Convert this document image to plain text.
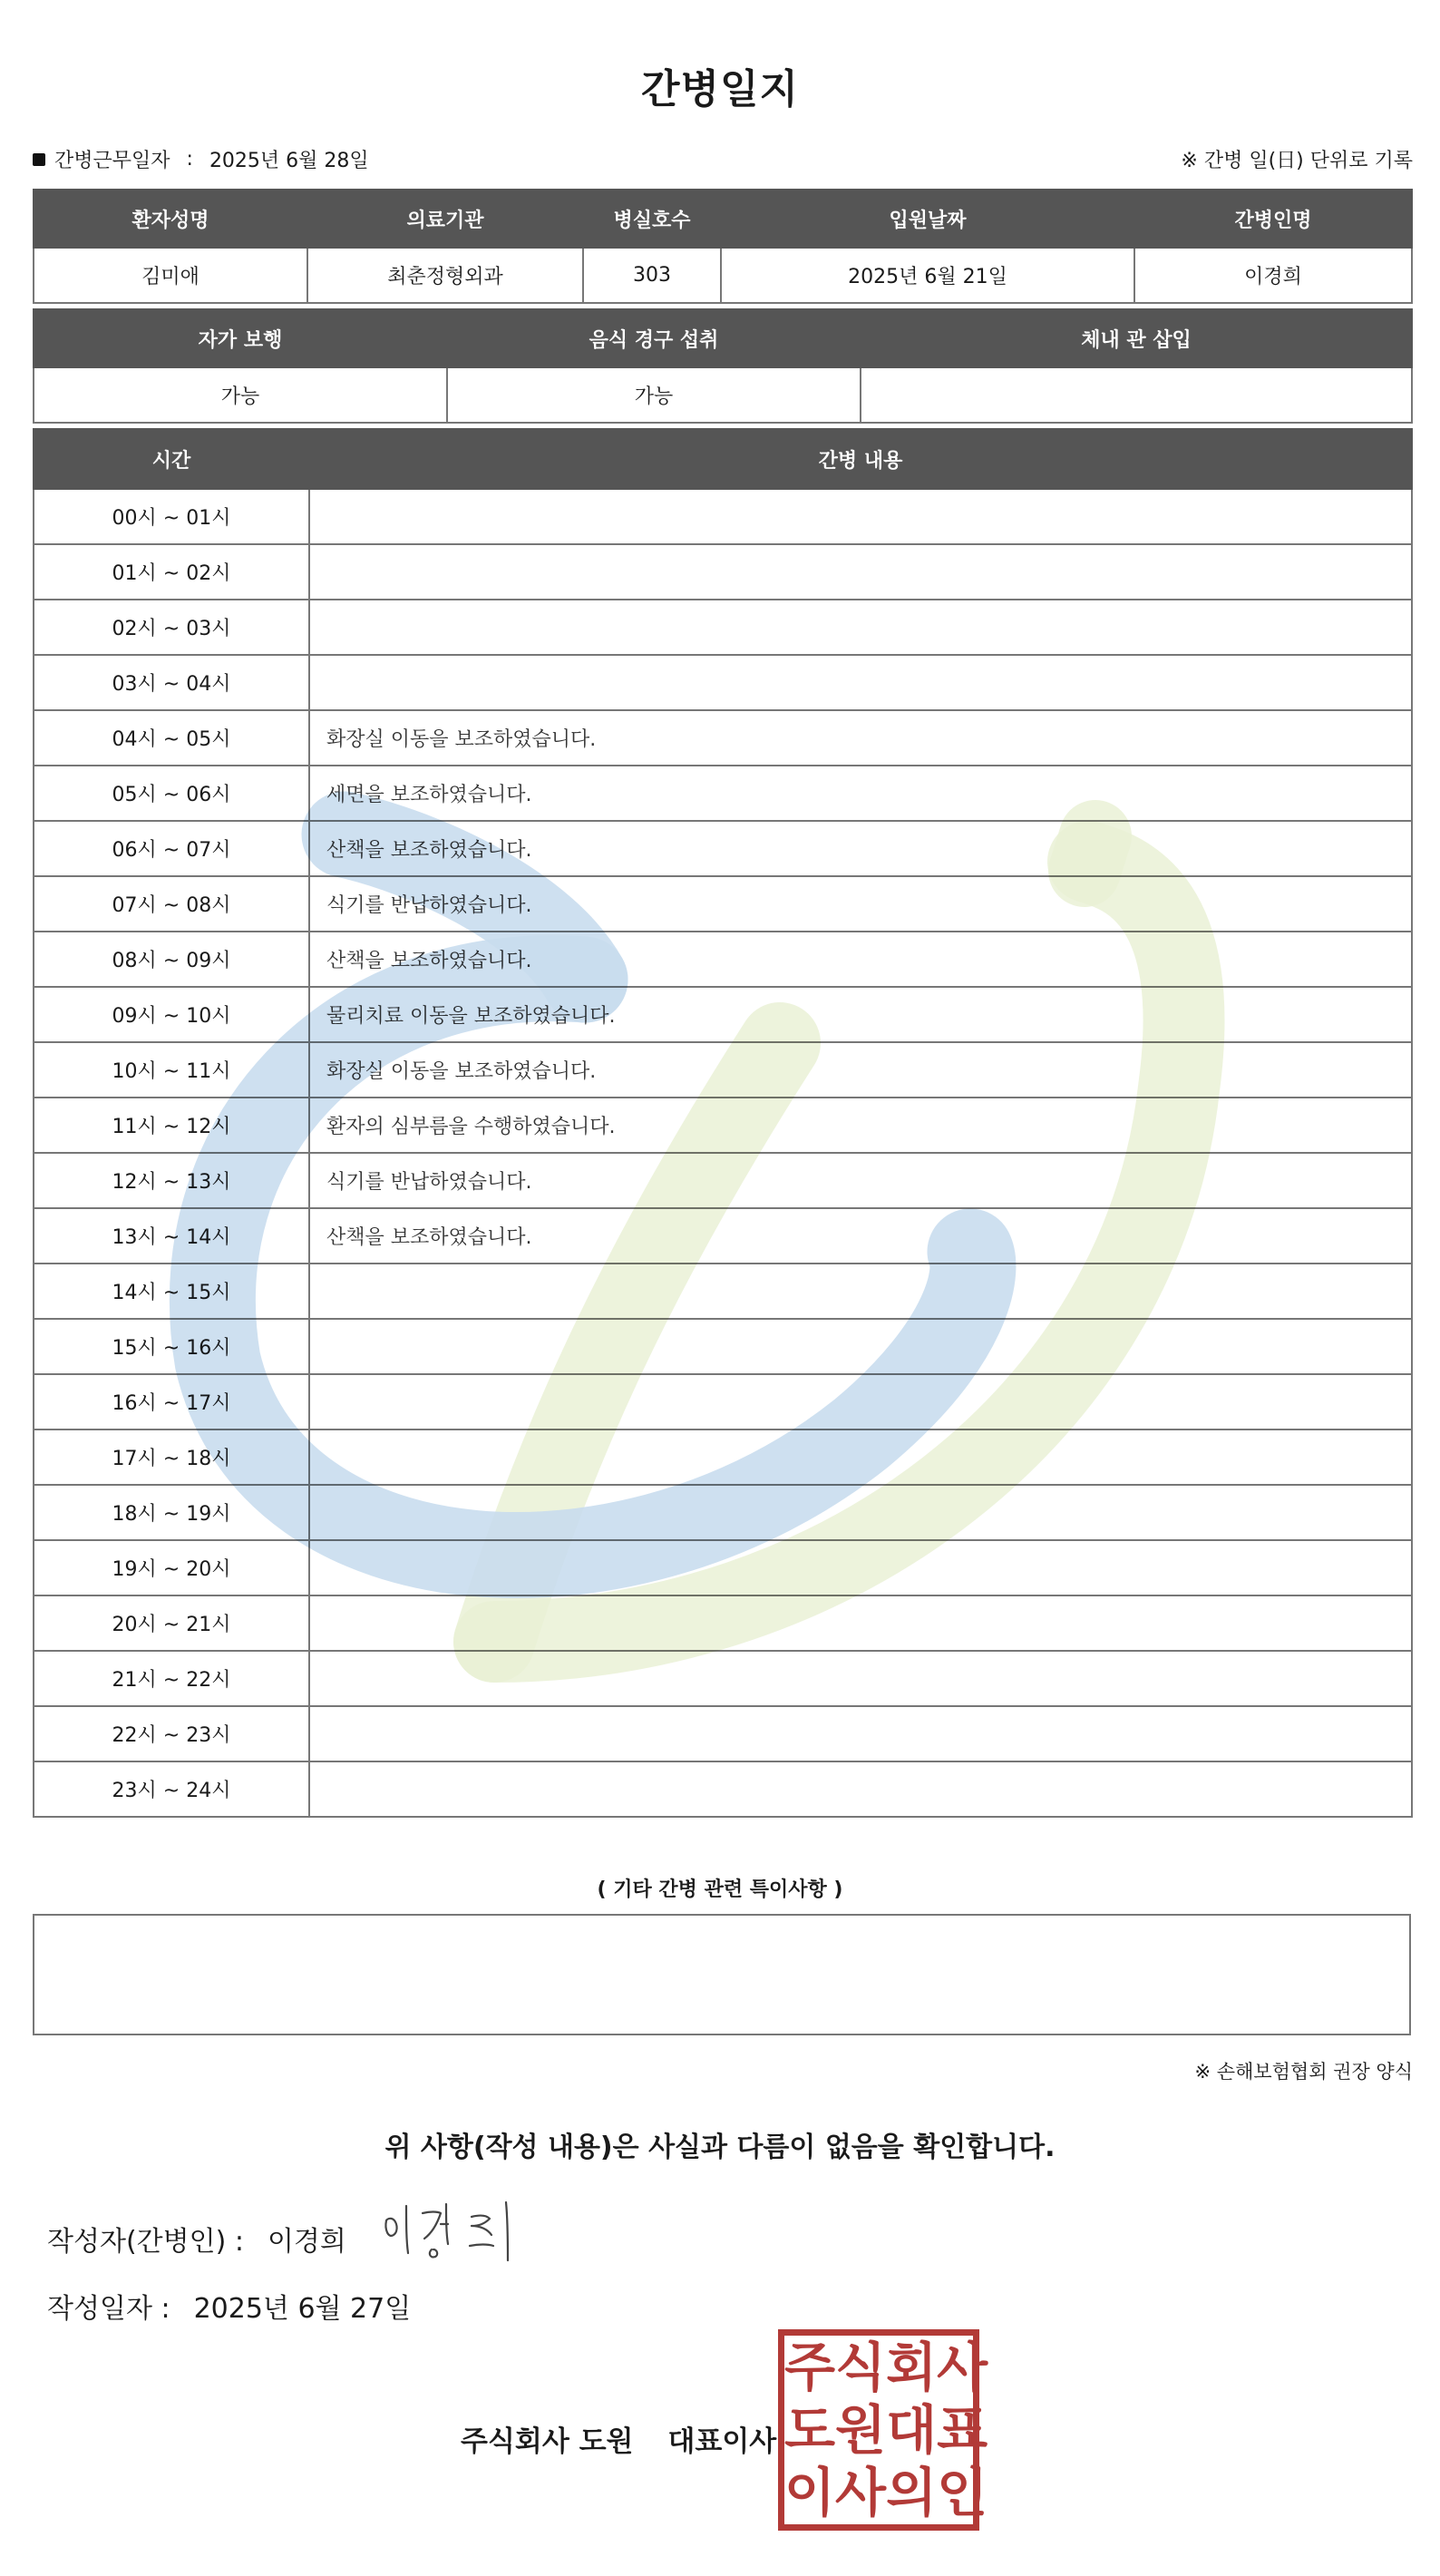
간병일지
간병근무일자 : 2025년 6월 28일	※ 간병 일(日) 단위로 기록
환자성명	의료기관	병실호수	입원날짜	간병인명
김미애	최춘정형외과	303	2025년 6월 21일	이경희
자가 보행	음식 경구 섭취	체내 관 삽입
가능	가능	
시간	간병 내용
00시 ~ 01시	
01시 ~ 02시	
02시 ~ 03시	
03시 ~ 04시	
04시 ~ 05시	화장실 이동을 보조하였습니다.
05시 ~ 06시	세면을 보조하였습니다.
06시 ~ 07시	산책을 보조하였습니다.
07시 ~ 08시	식기를 반납하였습니다.
08시 ~ 09시	산책을 보조하였습니다.
09시 ~ 10시	물리치료 이동을 보조하였습니다.
10시 ~ 11시	화장실 이동을 보조하였습니다.
11시 ~ 12시	환자의 심부름을 수행하였습니다.
12시 ~ 13시	식기를 반납하였습니다.
13시 ~ 14시	산책을 보조하였습니다.
14시 ~ 15시	
15시 ~ 16시	
16시 ~ 17시	
17시 ~ 18시	
18시 ~ 19시	
19시 ~ 20시	
20시 ~ 21시	
21시 ~ 22시	
22시 ~ 23시	
23시 ~ 24시	
( 기타 간병 관련 특이사항 )
※ 손해보험협회 권장 양식
위 사항(작성 내용)은 사실과 다름이 없음을 확인합니다.
작성자(간병인) : 이경희
작성일자 : 2025년 6월 27일
주식회사 도원 대표이사
주 식 회 사
도 원 대 표
이 사 의 인
